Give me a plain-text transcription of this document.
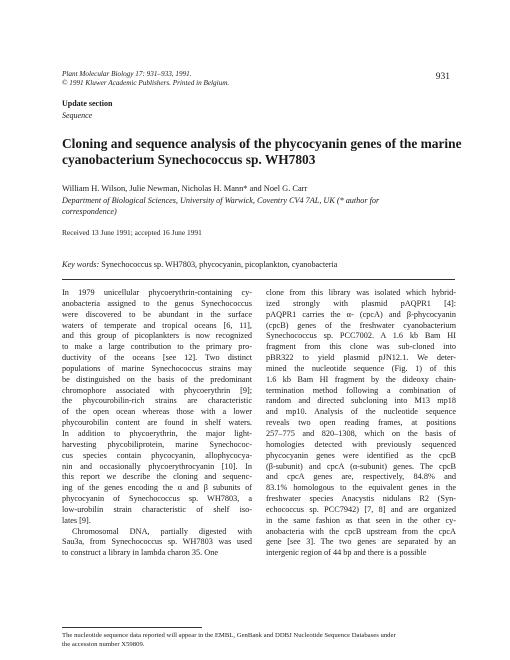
Plant Molecular Biology 17: 931–933, 1991.
© 1991 Kluwer Academic Publishers. Printed in Belgium.
931
Update section
Sequence
Cloning and sequence analysis of the phycocyanin genes of the marine
cyanobacterium Synechococcus sp. WH7803
William H. Wilson, Julie Newman, Nicholas H. Mann* and Noel G. Carr
Department of Biological Sciences, University of Warwick, Coventry CV4 7AL, UK (* author for
correspondence)
Received 13 June 1991; accepted 16 June 1991
Key words: Synechococcus sp. WH7803, phycocyanin, picoplankton, cyanobacteria
In 1979 unicellular phycoerythrin-containing cy-
anobacteria assigned to the genus Synechococcus
were discovered to be abundant in the surface
waters of temperate and tropical oceans [6, 11],
and this group of picoplankters is now recognized
to make a large contribution to the primary pro-
ductivity of the oceans [see 12]. Two distinct
populations of marine Synechococcus strains may
be distinguished on the basis of the predominant
chromophore associated with phycoerythrin [9];
the phycourobilin-rich strains are characteristic
of the open ocean whereas those with a lower
phycourobilin content are found in shelf waters.
In addition to phycoerythrin, the major light-
harvesting phycobiliprotein, marine Synechococ-
cus species contain phycocyanin, allophycocya-
nin and occasionally phycoerythrocyanin [10]. In
this report we describe the cloning and sequenc-
ing of the genes encoding the α and β subunits of
phycocyanin of Synechococcus sp. WH7803, a
low-urobilin strain characteristic of shelf iso-
lates [9].
Chromosomal DNA, partially digested with
Sau3a, from Synechococcus sp. WH7803 was used
to construct a library in lambda charon 35. One
clone from this library was isolated which hybrid-
ized strongly with plasmid pAQPR1 [4]:
pAQPR1 carries the α- (cpcA) and β-phycocyanin
(cpcB) genes of the freshwater cyanobacterium
Synechococcus sp. PCC7002. A 1.6 kb Bam HI
fragment from this clone was sub-cloned into
pBR322 to yield plasmid pJN12.1. We deter-
mined the nucleotide sequence (Fig. 1) of this
1.6 kb Bam HI fragment by the dideoxy chain-
termination method following a combination of
random and directed subcloning into M13 mp18
and mp10. Analysis of the nucleotide sequence
reveals two open reading frames, at positions
257–775 and 820–1308, which on the basis of
homologies detected with previously sequenced
phycocyanin genes were identified as the cpcB
(β-subunit) and cpcA (α-subunit) genes. The cpcB
and cpcA genes are, respectively, 84.8% and
83.1% homologous to the equivalent genes in the
freshwater species Anacystis nidulans R2 (Syn-
echococcus sp. PCC7942) [7, 8] and are organized
in the same fashion as that seen in the other cy-
anobacteria with the cpcB upstream from the cpcA
gene [see 3]. The two genes are separated by an
intergenic region of 44 bp and there is a possible
The nucleotide sequence data reported will appear in the EMBL, GenBank and DDBJ Nucleotide Sequence Databases under
the accession number X59809.
